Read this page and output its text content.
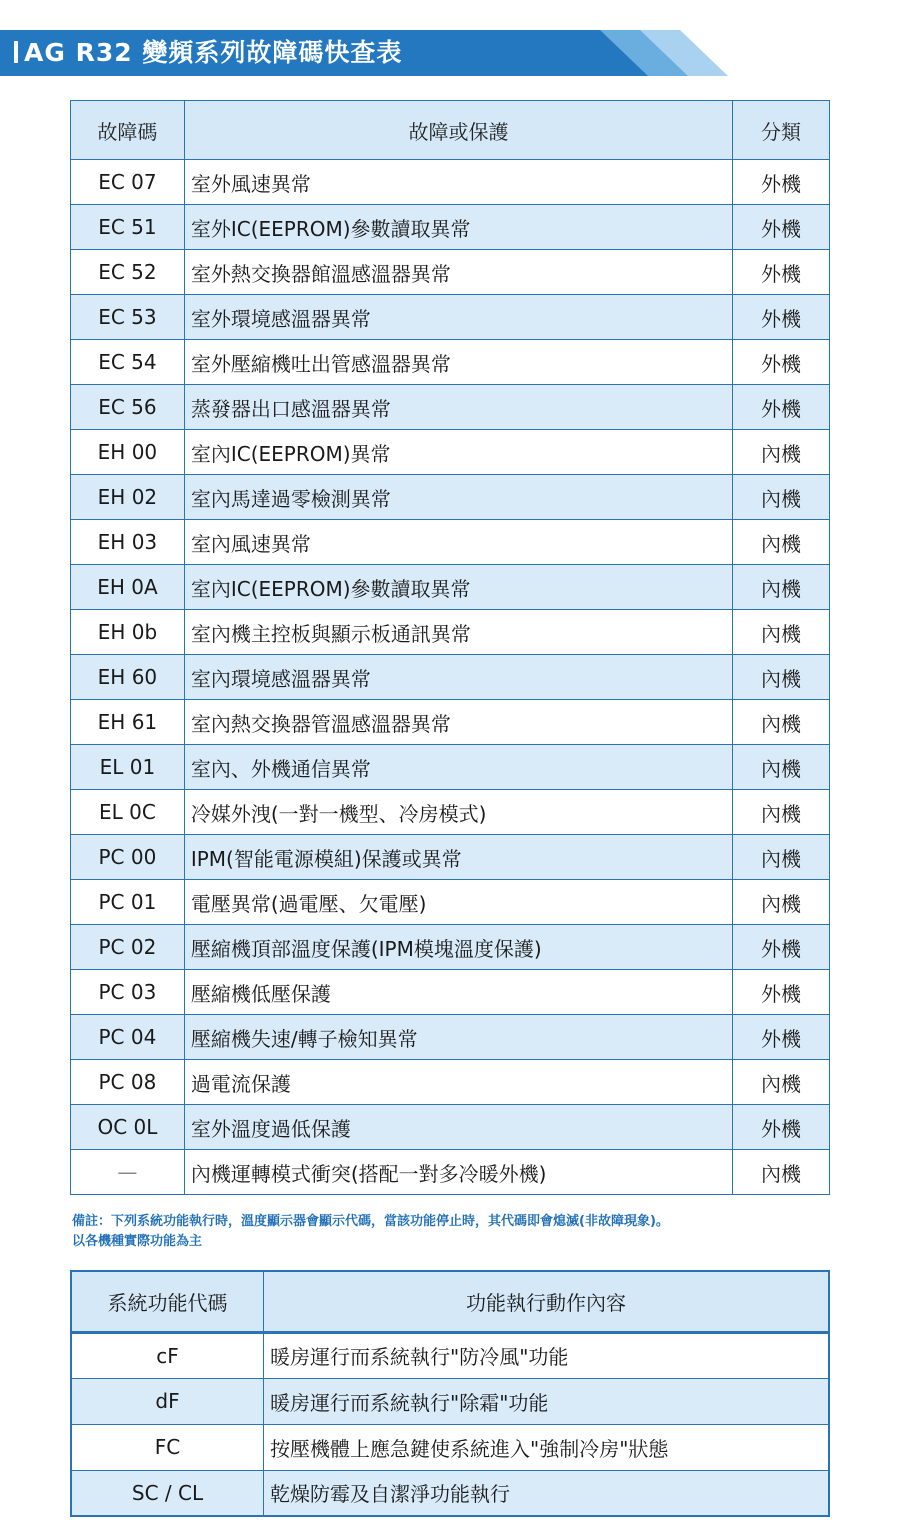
AG R32 變頻系列故障碼快查表
故障碼	故障或保護	分類
EC 07	室外風速異常	外機
EC 51	室外IC(EEPROM)參數讀取異常	外機
EC 52	室外熱交換器館溫感溫器異常	外機
EC 53	室外環境感溫器異常	外機
EC 54	室外壓縮機吐出管感溫器異常	外機
EC 56	蒸發器出口感溫器異常	外機
EH 00	室內IC(EEPROM)異常	內機
EH 02	室內馬達過零檢測異常	內機
EH 03	室內風速異常	內機
EH 0A	室內IC(EEPROM)參數讀取異常	內機
EH 0b	室內機主控板與顯示板通訊異常	內機
EH 60	室內環境感溫器異常	內機
EH 61	室內熱交換器管溫感溫器異常	內機
EL 01	室內、外機通信異常	內機
EL 0C	冷媒外洩(一對一機型、冷房模式)	內機
PC 00	IPM(智能電源模組)保護或異常	內機
PC 01	電壓異常(過電壓、欠電壓)	內機
PC 02	壓縮機頂部溫度保護(IPM模塊溫度保護)	外機
PC 03	壓縮機低壓保護	外機
PC 04	壓縮機失速/轉子檢知異常	外機
PC 08	過電流保護	內機
OC 0L	室外溫度過低保護	外機
—	內機運轉模式衝突(搭配一對多冷暖外機)	內機
備註：下列系統功能執行時，溫度顯示器會顯示代碼，當該功能停止時，其代碼即會熄滅(非故障現象)。
以各機種實際功能為主
系統功能代碼	功能執行動作內容
cF	暖房運行而系統執行"防冷風"功能
dF	暖房運行而系統執行"除霜"功能
FC	按壓機體上應急鍵使系統進入"強制冷房"狀態
SC / CL	乾燥防霉及自潔淨功能執行
